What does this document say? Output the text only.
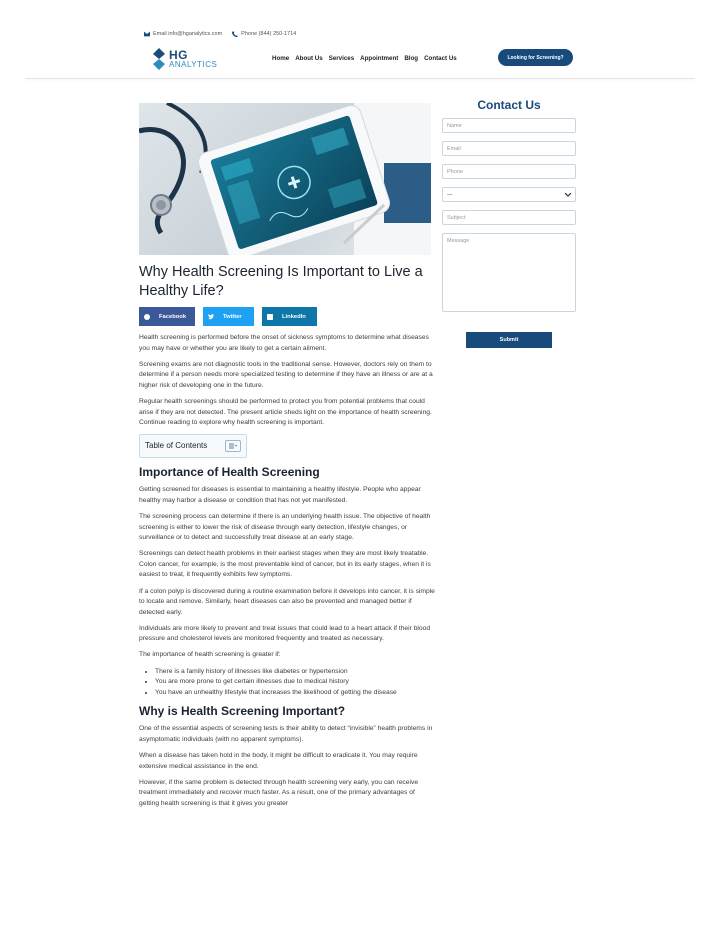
Email info@hganalytics.com	Phone (844) 250-1714
HG
ANALYTICS
Home About Us Services Appointment Blog Contact Us	Looking for Screening?
Why Health Screening Is Important to Live a Healthy Life?
Facebook	Twitter	LinkedIn

Health screening is performed before the onset of sickness symptoms to determine what diseases you may have or whether you are likely to get a certain ailment.

Screening exams are not diagnostic tools in the traditional sense. However, doctors rely on them to determine if a person needs more specialized testing to determine if they have an illness or are at a higher risk of developing one in the future.

Regular health screenings should be performed to protect you from potential problems that could arise if they are not detected. The present article sheds light on the importance of health screening. Continue reading to explore why health screening is important.

Table of Contents
Importance of Health Screening

Getting screened for diseases is essential to maintaining a healthy lifestyle. People who appear healthy may harbor a disease or condition that has not yet manifested.

The screening process can determine if there is an underlying health issue. The objective of health screening is either to lower the risk of disease through early detection, lifestyle changes, or surveillance or to detect and successfully treat disease at an early stage.

Screenings can detect health problems in their earliest stages when they are most likely treatable. Colon cancer, for example, is the most preventable kind of cancer, but in its early stages, when it is easiest to treat, it frequently exhibits few symptoms.

If a colon polyp is discovered during a routine examination before it develops into cancer, it is simple to locate and remove. Similarly, heart diseases can also be prevented and managed better if detected early.

Individuals are more likely to prevent and treat issues that could lead to a heart attack if their blood pressure and cholesterol levels are monitored frequently and treated as necessary.

The importance of health screening is greater if:

• There is a family history of illnesses like diabetes or hypertension
• You are more prone to get certain illnesses due to medical history
• You have an unhealthy lifestyle that increases the likelihood of getting the disease
Why is Health Screening Important?

One of the essential aspects of screening tests is their ability to detect “invisible” health problems in asymptomatic individuals (with no apparent symptoms).

When a disease has taken hold in the body, it might be difficult to eradicate it. You may require extensive medical assistance in the end.

However, if the same problem is detected through health screening very early, you can receive treatment immediately and recover much faster. As a result, one of the primary advantages of getting health screening is that it gives you greater

Contact Us
Name
Email
Phone
---
Subject
Message
Submit
